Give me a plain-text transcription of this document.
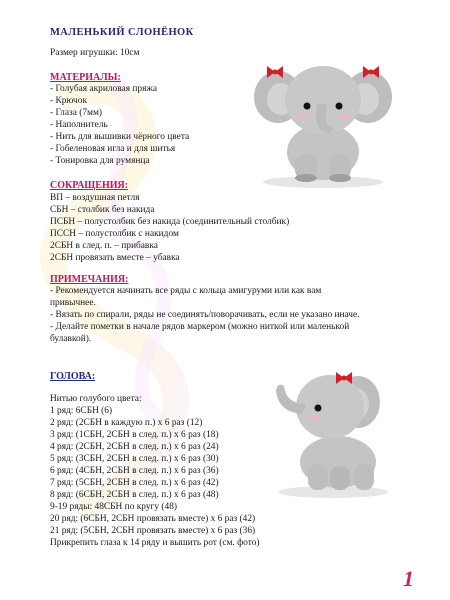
МАЛЕНЬКИЙ СЛОНЁНОК
Размер игрушки: 10см
МАТЕРИАЛЫ:
- Голубая акриловая пряжа
- Крючок
- Глаза (7мм)
- Наполнитель
- Нить для вышивки чёрного цвета
- Гобеленовая игла и для шитья
- Тонировка для румянца
СОКРАЩЕНИЯ:
ВП – воздушная петля
СБН – столбик без накида
ПСБН – полустолбик без накида (соединительный столбик)
ПССН – полустолбик с накидом
2СБН в след. п. – прибавка
2СБН провязать вместе – убавка
ПРИМЕЧАНИЯ:
- Рекомендуется начинать все ряды с кольца амигуруми или как вам
привычнее.
- Вязать по спирали, ряды не соединять/поворачивать, если не указано иначе.
- Делайте пометки в начале рядов маркером (можно ниткой или маленькой
булавкой).
ГОЛОВА:
Нитью голубого цвета:
1 ряд: 6СБН (6)
2 ряд: (2СБН в каждую п.) х 6 раз (12)
3 ряд: (1СБН, 2СБН в след. п.) х 6 раз (18)
4 ряд: (2СБН, 2СБН в след. п.) х 6 раз (24)
5 ряд: (3СБН, 2СБН в след. п.) х 6 раз (30)
6 ряд: (4СБН, 2СБН в след. п.) х 6 раз (36)
7 ряд: (5СБН, 2СБН в след. п.) х 6 раз (42)
8 ряд: (6СБН, 2СБН в след. п.) х 6 раз (48)
9-19 ряды: 48СБН по кругу (48)
20 ряд: (6СБН, 2СБН провязать вместе) х 6 раз (42)
21 ряд: (5СБН, 2СБН провязать вместе) х 6 раз (36)
Прикрепить глаза к 14 ряду и вышить рот (см. фото)
1
